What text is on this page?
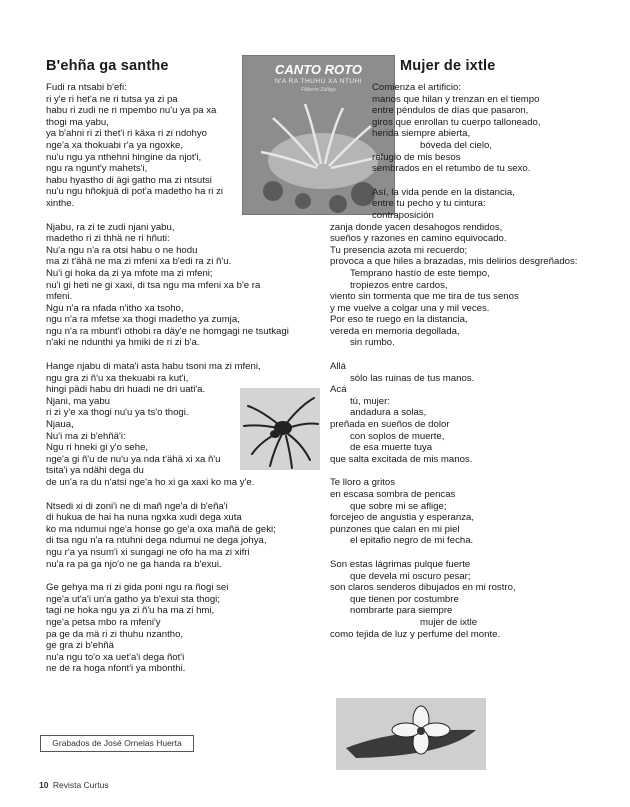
B'ehña ga santhe
Fudi ra ntsabi b'efi:
ri y'e ri het'a ne ri tutsa ya zi pa
habu ri zudi ne ri mpembo nu'u ya pa xa
thogi ma yabu,
ya b'ahni ri zi thet'i ri käxa ri zi ndohyo
nge'a xa thokuabi r'a ya ngoxke,
nu'u ngu ya nthehni hingine da njot'i,
ngu ra ngunt'y mahets'i,
habu hyastho di ägi gatho ma zi ntsutsi
nu'u ngu hñokjuä di pot'a madetho ha ri zi
xinthe.
Njabu, ra zi te zudi njani yabu,
madetho ri zi thhä ne ri hñuti:
Nu'a ngu n'a ra otsi habu o ne hodu
ma zi t'ähä ne ma zi mfeni xa b'edi ra zi ñ'u.
Nu'i gi hoka da zi ya mfote ma zi mfeni;
nu'i gi heti ne gi xaxi, di tsa ngu ma mfeni xa b'e ra
mfeni.
Ngu n'a ra nfada n'itho xa tsoho,
ngu n'a ra mfetse xa thogi madetho ya zumja,
ngu n'a ra mbunt'i othobi ra däy'e ne homgagi ne tsutkagi
n'aki ne ndunthi ya hmiki de ri zi b'a.
Hange njabu di mata'i asta habu tsoni ma zi mfeni,
ngu gra zi ñ'u xa thekuabi ra kut'i,
hingi pädi habu dri huadi ne dri uati'a.
Njani, ma yabu
ri zi y'e xa thogi nu'u ya ts'o thogi.
Njaua,
Nu'i ma zi b'ehñä'i:
Ngu ri hneki gi y'o sehe,
nge'a gi ñ'u de nu'u ya nda t'ähä xi xa ñ'u
tsita'i ya ndähi dega du
de un'a ra du n'atsi nge'a ho xi ga xaxi ko ma y'e.
Ntsedi xi di zoni'i ne di mañ nge'a di b'eña'i
di hukua de hai ha nuna ngxka xudi dega xuta
ko ma ndumui nge'a honse go ge'a oxa mañä de geki;
di tsa ngu n'a ra ntuhni dega ndumui ne dega johya,
ngu r'a ya nsum'i xi sungagi ne ofo ha ma zi xifri
nu'a ra pa ga njo'o ne ga handa ra b'exui.
Ge gehya ma ri zi gida poni ngu ra ñogi sei
nge'a ut'a'i un'a gatho ya b'exui sta thogi;
tagi ne hoka ngu ya zi ñ'u ha ma zi hmi,
nge'a petsa mbo ra mfeni'y
pa ge da mä ri zi thuhu nzantho,
ge gra zi b'ehñä
nu'a ngu to'o xa uet'a'i dega ñot'i
ne de ra hoga nfont'i ya mbonthi.
CANTO ROTO
N'A RA THUHU XA NTUHI
Filiberto Zúñiga
Mujer de ixtle
Comienza el artificio:
manos que hilan y trenzan en el tiempo
entre péndulos de días que pasaron,
giros que enrollan tu cuerpo talloneado,
herida siempre abierta,
bóveda del cielo,
refugio de mis besos
sembrados en el retumbo de tu sexo.
Así, la vida pende en la distancia,
entre tu pecho y tu cintura:
contraposición
zanja donde yacen desahogos rendidos,
sueños y razones en camino equivocado.
Tu presencia azota mi recuerdo;
provoca a que hiles a brazadas, mis delirios desgreñados:
Temprano hastío de este tiempo,
tropiezos entre cardos,
viento sin tormenta que me tira de tus senos
y me vuelve a colgar una y mil veces.
Por eso te ruego en la distancia,
vereda en memoria degollada,
sin rumbo.
Allá
sólo las ruinas de tus manos.
Acá
tú, mujer:
andadura a solas,
preñada en sueños de dolor
con soplos de muerte,
de esa muerte tuya
que salta excitada de mis manos.
Te lloro a gritos
en escasa sombra de pencas
que sobre mi se aflige;
forcejeo de angustia y esperanza,
punzones que calan en mi piel
el epitafio negro de mi fecha.
Son estas lágrimas pulque fuerte
que devela mi oscuro pesar;
son claros senderos dibujados en mi rostro,
que tienen por costumbre
nombrarte para siempre
mujer de ixtle
como tejida de luz y perfume del monte.
Grabados de José Ornelas Huerta
10 Revista Curtus
